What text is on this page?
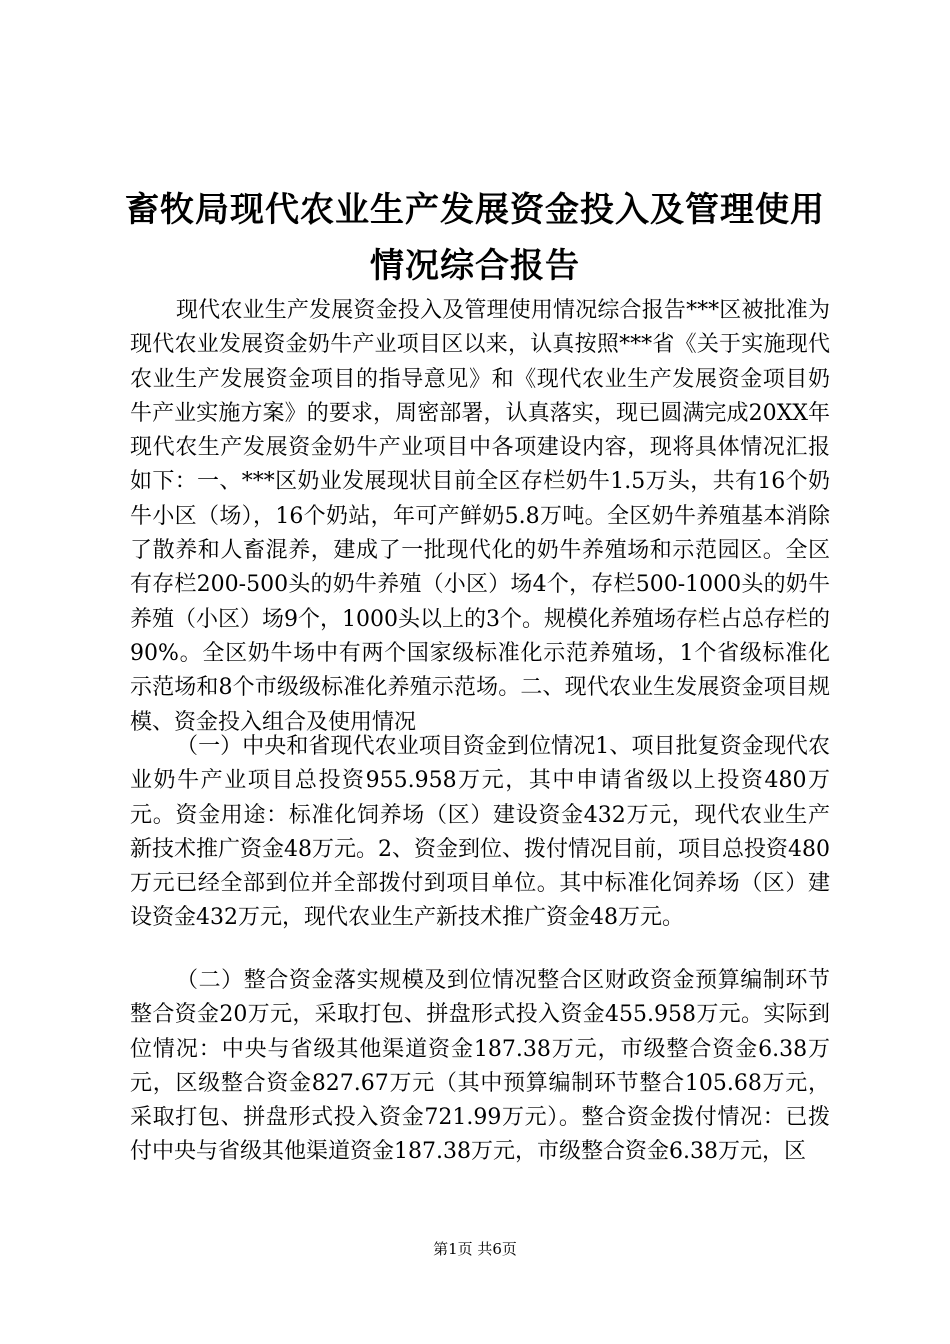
畜牧局现代农业生产发展资金投入及管理使用
情况综合报告

现代农业生产发展资金投入及管理使用情况综合报告***区被批准为现代农业发展资金奶牛产业项目区以来，认真按照***省《关于实施现代农业生产发展资金项目的指导意见》和《现代农业生产发展资金项目奶牛产业实施方案》的要求，周密部署，认真落实，现已圆满完成20XX年现代农生产发展资金奶牛产业项目中各项建设内容，现将具体情况汇报如下：一、***区奶业发展现状目前全区存栏奶牛1.5万头，共有16个奶牛小区（场），16个奶站，年可产鲜奶5.8万吨。全区奶牛养殖基本消除了散养和人畜混养，建成了一批现代化的奶牛养殖场和示范园区。全区有存栏200-500头的奶牛养殖（小区）场4个，存栏500-1000头的奶牛养殖（小区）场9个，1000头以上的3个。规模化养殖场存栏占总存栏的90%。全区奶牛场中有两个国家级标准化示范养殖场，1个省级标准化示范场和8个市级级标准化养殖示范场。二、现代农业生发展资金项目规模、资金投入组合及使用情况

（一）中央和省现代农业项目资金到位情况1、项目批复资金现代农业奶牛产业项目总投资955.958万元，其中申请省级以上投资480万元。资金用途：标准化饲养场（区）建设资金432万元，现代农业生产新技术推广资金48万元。2、资金到位、拨付情况目前，项目总投资480万元已经全部到位并全部拨付到项目单位。其中标准化饲养场（区）建设资金432万元，现代农业生产新技术推广资金48万元。

（二）整合资金落实规模及到位情况整合区财政资金预算编制环节整合资金20万元，采取打包、拼盘形式投入资金455.958万元。实际到位情况：中央与省级其他渠道资金187.38万元，市级整合资金6.38万元，区级整合资金827.67万元（其中预算编制环节整合105.68万元，采取打包、拼盘形式投入资金721.99万元）。整合资金拨付情况：已拨付中央与省级其他渠道资金187.38万元，市级整合资金6.38万元，区

第1页 共6页
